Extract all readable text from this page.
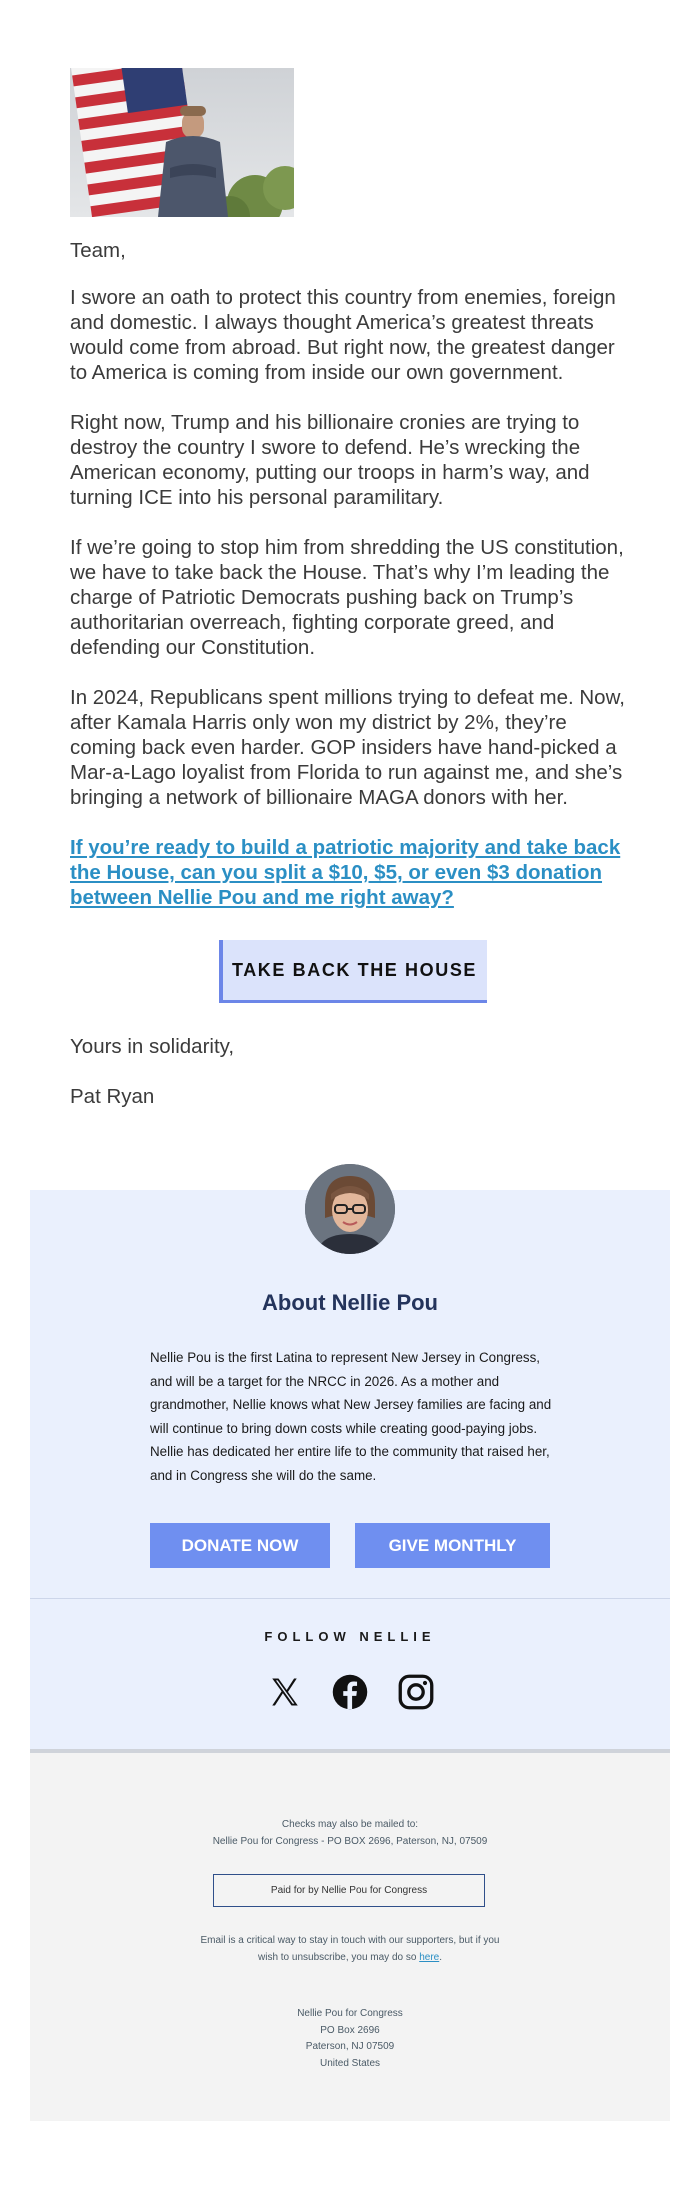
Team,

I swore an oath to protect this country from enemies, foreign and domestic. I always thought America’s greatest threats would come from abroad. But right now, the greatest danger to America is coming from inside our own government.

Right now, Trump and his billionaire cronies are trying to destroy the country I swore to defend. He’s wrecking the American economy, putting our troops in harm’s way, and turning ICE into his personal paramilitary.

If we’re going to stop him from shredding the US constitution, we have to take back the House. That’s why I’m leading the charge of Patriotic Democrats pushing back on Trump’s authoritarian overreach, fighting corporate greed, and defending our Constitution.

In 2024, Republicans spent millions trying to defeat me. Now, after Kamala Harris only won my district by 2%, they’re coming back even harder. GOP insiders have hand-picked a Mar-a-Lago loyalist from Florida to run against me, and she’s bringing a network of billionaire MAGA donors with her.

If you’re ready to build a patriotic majority and take back the House, can you split a $10, $5, or even $3 donation between Nellie Pou and me right away?
TAKE BACK THE HOUSE

Yours in solidarity,

Pat Ryan

About Nellie Pou

Nellie Pou is the first Latina to represent New Jersey in Congress, and will be a target for the NRCC in 2026. As a mother and grandmother, Nellie knows what New Jersey families are facing and will continue to bring down costs while creating good-paying jobs. Nellie has dedicated her entire life to the community that raised her, and in Congress she will do the same.

DONATE NOW	GIVE MONTHLY
FOLLOW NELLIE
Checks may also be mailed to:
Nellie Pou for Congress - PO BOX 2696, Paterson, NJ, 07509
Paid for by Nellie Pou for Congress
Email is a critical way to stay in touch with our supporters, but if you wish to unsubscribe, you may do so here.
Nellie Pou for Congress
PO Box 2696
Paterson, NJ 07509
United States
